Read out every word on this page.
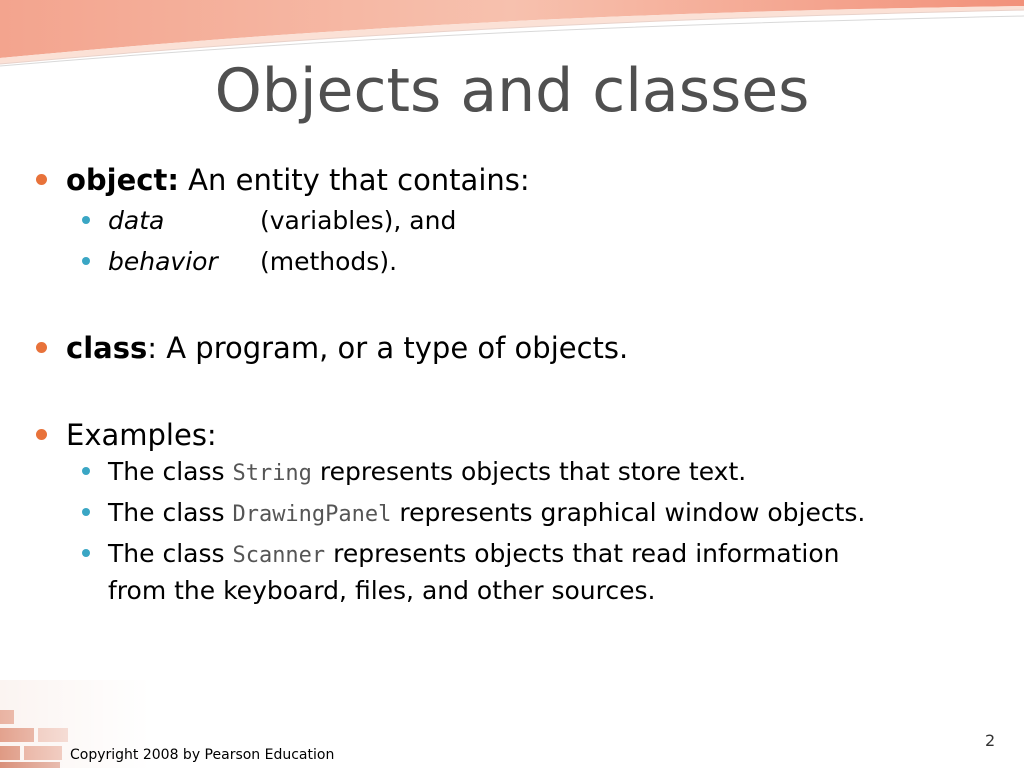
Objects and classes
object: An entity that contains:
data	(variables), and
behavior (methods).
class: A program, or a type of objects.
Examples:
The class String represents objects that store text.
The class DrawingPanel represents graphical window objects.
The class Scanner represents objects that read information
from the keyboard, files, and other sources.
Copyright 2008 by Pearson Education
2
